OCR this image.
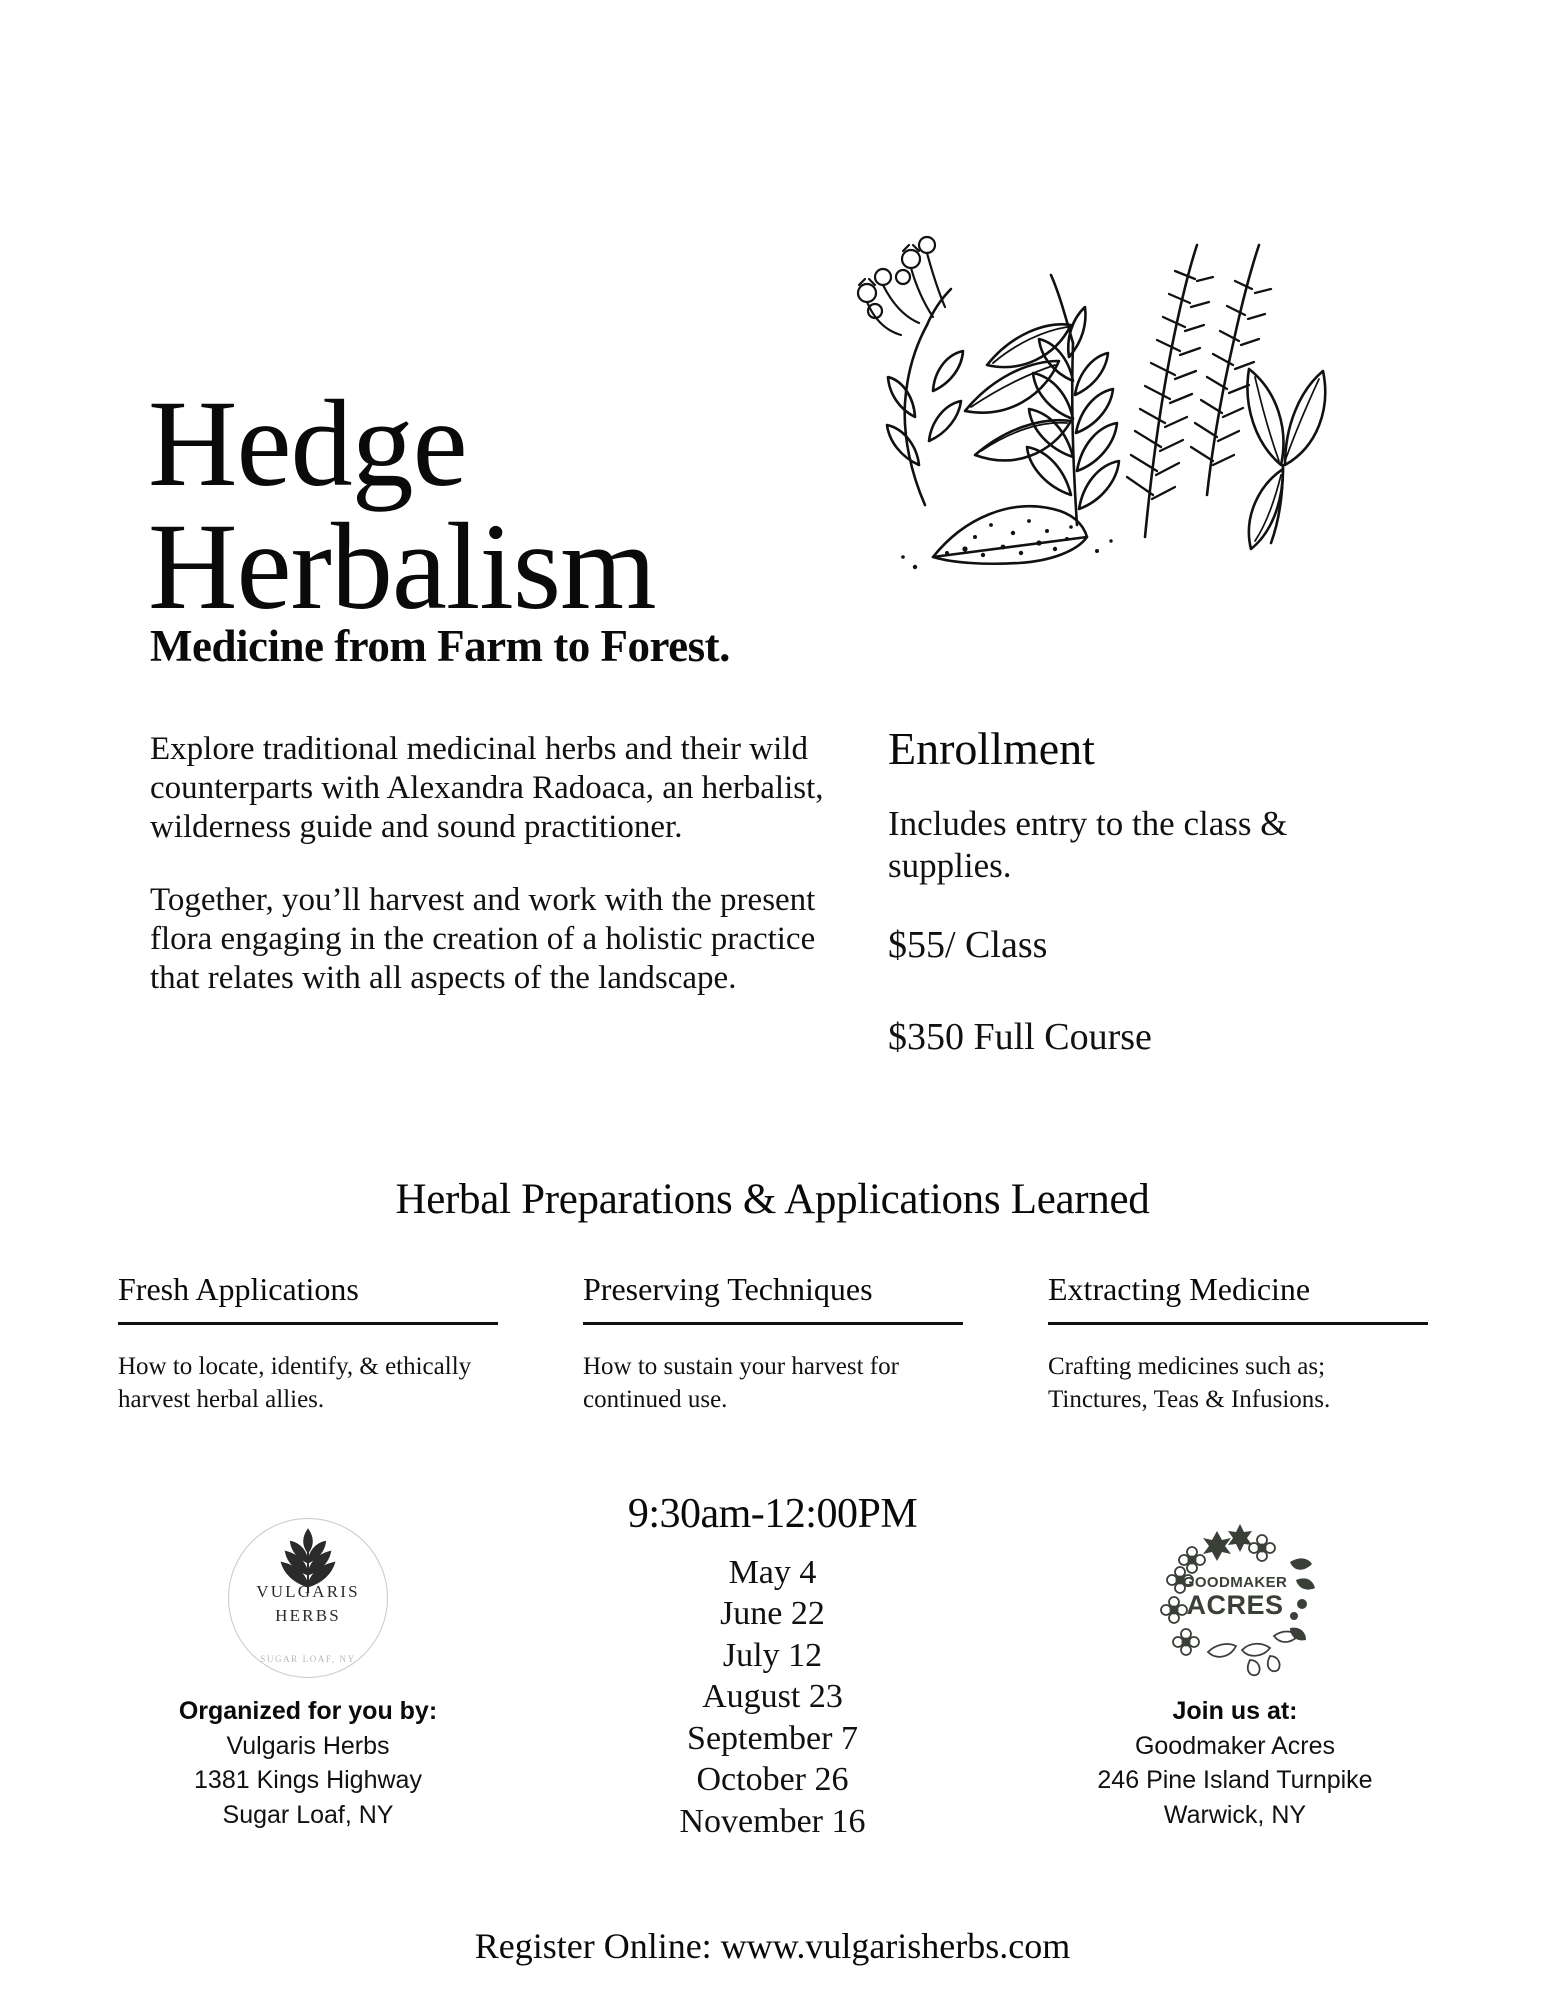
Hedge
Herbalism
Medicine from Farm to Forest.

Explore traditional medicinal herbs and their wild counterparts with Alexandra Radoaca, an herbalist, wilderness guide and sound practitioner.

Together, you’ll harvest and work with the present flora engaging in the creation of a holistic practice that relates with all aspects of the landscape.

Enrollment
Includes entry to the class & supplies.
$55/ Class
$350 Full Course
Herbal Preparations & Applications Learned
Fresh Applications
How to locate, identify, & ethically harvest herbal allies.
Preserving Techniques
How to sustain your harvest for continued use.
Extracting Medicine
Crafting medicines such as; Tinctures, Teas & Infusions.
VULGARIS
HERBS
SUGAR LOAF, NY
Organized for you by:
Vulgaris Herbs
1381 Kings Highway
Sugar Loaf, NY
9:30am-12:00PM
May 4
June 22
July 12
August 23
September 7
October 26
November 16
GOODMAKER
ACRES
Join us at:
Goodmaker Acres
246 Pine Island Turnpike
Warwick, NY
Register Online: www.vulgarisherbs.com
